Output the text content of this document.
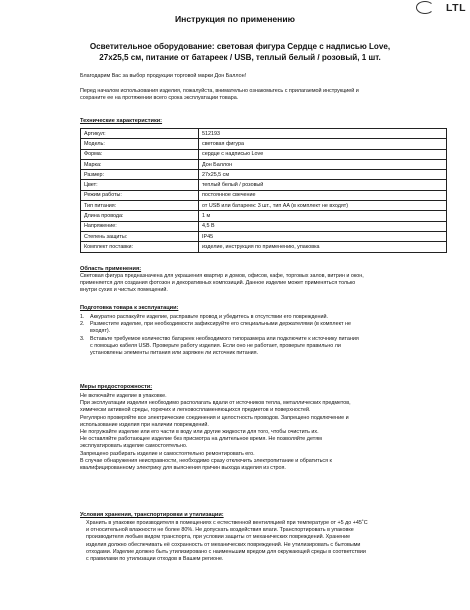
LTL
Инструкция по применению
Осветительное оборудование: световая фигура Сердце с надписью Love,
27x25,5 см, питание от батареек / USB, теплый белый / розовый, 1 шт.
Благодарим Вас за выбор продукции торговой марки Дон Баллон!
Перед началом использования изделия, пожалуйста, внимательно ознакомьтесь с прилагаемой инструкцией и
сохраните ее на протяжении всего срока эксплуатации товара.
Технические характеристики:
Артикул:	512193
Модель:	световая фигура
Форма:	сердце с надписью Love
Марка:	Дон Баллон
Размер:	27x25,5 см
Цвет:	теплый белый / розовый
Режим работы:	постоянное свечение
Тип питания:	от USB или батареек: 3 шт., тип AA (в комплект не входят)
Длина провода:	1 м
Напряжение:	4,5 В
Степень защиты:	IP45
Комплект поставки:	изделие, инструкция по применению, упаковка
Область применения:
Световая фигура предназначена для украшения квартир и домов, офисов, кафе, торговых залов, витрин и окон,
применяется для создания фотозон и декоративных композиций. Данное изделие может применяться только
внутри сухих и чистых помещений.
Подготовка товара к эксплуатации:
1. Аккуратно распакуйте изделие, расправьте провод и убедитесь в отсутствии его повреждений.
2. Разместите изделие, при необходимости зафиксируйте его специальными держателями (в комплект не
входят).
3. Вставьте требуемое количество батареек необходимого типоразмера или подключите к источнику питания
с помощью кабеля USB. Проверьте работу изделия. Если оно не работает, проверьте правильно ли
установлены элементы питания или заряжен ли источник питания.
Меры предосторожности:
Не включайте изделие в упаковке.
При эксплуатации изделия необходимо располагать вдали от источников тепла, металлических предметов,
химически активной среды, горючих и легковоспламеняющихся предметов и поверхностей.
Регулярно проверяйте все электрические соединения и целостность проводов. Запрещено подключение и
использование изделия при наличии повреждений.
Не погружайте изделие или его части в воду или другие жидкости для того, чтобы очистить их.
Не оставляйте работающее изделие без присмотра на длительное время. Не позволяйте детям
эксплуатировать изделие самостоятельно.
Запрещено разбирать изделие и самостоятельно ремонтировать его.
В случае обнаружения неисправности, необходимо сразу отключить электропитание и обратиться к
квалифицированному электрику для выяснения причин выхода изделия из строя.
Условия хранения, транспортировки и утилизации:
Хранить в упаковке производителя в помещениях с естественной вентиляцией при температуре от +5 до +45˚С
и относительной влажности не более 80%. Не допускать воздействия влаги. Транспортировать в упаковке
производителя любым видом транспорта, при условии защиты от механических повреждений. Хранение
изделия должно обеспечивать её сохранность от механических повреждений. Не утилизировать с бытовыми
отходами. Изделие должно быть утилизировано с наименьшим вредом для окружающей среды в соответствии
с правилами по утилизации отходов в Вашем регионе.
